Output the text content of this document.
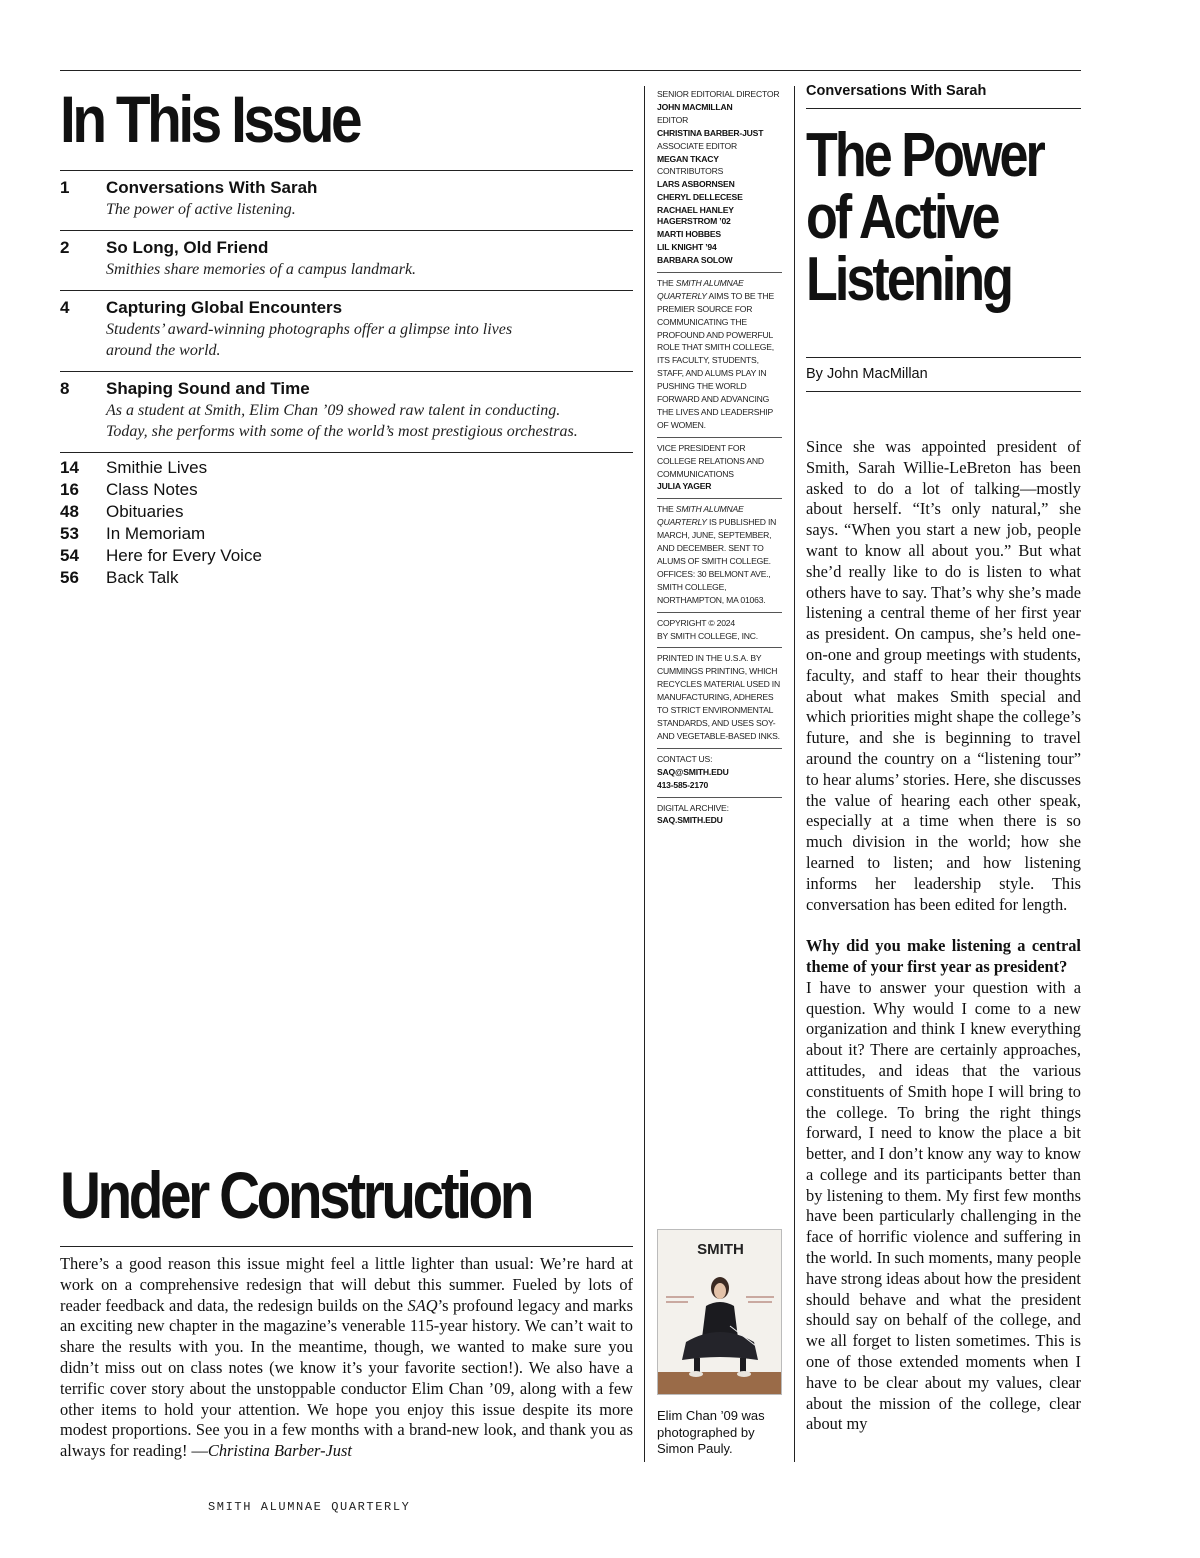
In This Issue
1	Conversations With Sarah
The power of active listening.
2	So Long, Old Friend
Smithies share memories of a campus landmark.
4	Capturing Global Encounters
Students’ award-winning photographs offer a glimpse into lives around the world.
8	Shaping Sound and Time
As a student at Smith, Elim Chan ’09 showed raw talent in conducting. Today, she performs with some of the world’s most prestigious orchestras.
14	Smithie Lives
16	Class Notes
48	Obituaries
53	In Memoriam
54	Here for Every Voice
56	Back Talk
Under Construction

There’s a good reason this issue might feel a little lighter than usual: We’re hard at work on a comprehensive redesign that will debut this summer. Fueled by lots of reader feedback and data, the redesign builds on the SAQ’s profound legacy and marks an exciting new chapter in the magazine’s venerable 115-year history. We can’t wait to share the results with you. In the meantime, though, we wanted to make sure you didn’t miss out on class notes (we know it’s your favorite section!). We also have a terrific cover story about the unstoppable conductor Elim Chan ’09, along with a few other items to hold your attention. We hope you enjoy this issue despite its more modest proportions. See you in a few months with a brand-new look, and thank you as always for reading! —Christina Barber-Just

SMITH ALUMNAE QUARTERLY
SENIOR EDITORIAL DIRECTOR
JOHN MACMILLAN
EDITOR
CHRISTINA BARBER-JUST
ASSOCIATE EDITOR
MEGAN TKACY
CONTRIBUTORS
LARS ASBORNSEN
CHERYL DELLECESE
RACHAEL HANLEY HAGERSTROM ’02
MARTI HOBBES
LIL KNIGHT ’94
BARBARA SOLOW
THE SMITH ALUMNAE QUARTERLY AIMS TO BE THE PREMIER SOURCE FOR COMMUNICATING THE PROFOUND AND POWERFUL ROLE THAT SMITH COLLEGE, ITS FACULTY, STUDENTS, STAFF, AND ALUMS PLAY IN PUSHING THE WORLD FORWARD AND ADVANCING THE LIVES AND LEADERSHIP OF WOMEN.
VICE PRESIDENT FOR COLLEGE RELATIONS AND COMMUNICATIONS
JULIA YAGER
THE SMITH ALUMNAE QUARTERLY IS PUBLISHED IN MARCH, JUNE, SEPTEMBER, AND DECEMBER. SENT TO ALUMS OF SMITH COLLEGE. OFFICES: 30 BELMONT AVE., SMITH COLLEGE, NORTHAMPTON, MA 01063.
COPYRIGHT © 2024
BY SMITH COLLEGE, INC.
PRINTED IN THE U.S.A. BY CUMMINGS PRINTING, WHICH RECYCLES MATERIAL USED IN MANUFACTURING, ADHERES TO STRICT ENVIRONMENTAL STANDARDS, AND USES SOY- AND VEGETABLE-BASED INKS.
CONTACT US:
SAQ@SMITH.EDU
413-585-2170
DIGITAL ARCHIVE:
SAQ.SMITH.EDU
SMITH
Elim Chan ’09 was photographed by Simon Pauly.
Conversations With Sarah
The Power
of Active
Listening
By John MacMillan

Since she was appointed president of Smith, Sarah Willie-LeBreton has been asked to do a lot of talking—mostly about herself. “It’s only natural,” she says. “When you start a new job, people want to know all about you.” But what she’d really like to do is listen to what others have to say. That’s why she’s made listening a central theme of her first year as president. On campus, she’s held one-on-one and group meetings with students, faculty, and staff to hear their thoughts about what makes Smith special and which priorities might shape the college’s future, and she is beginning to travel around the country on a “listening tour” to hear alums’ stories. Here, she discusses the value of hearing each other speak, especially at a time when there is so much division in the world; how she learned to listen; and how listening informs her leadership style. This conversation has been edited for length.

Why did you make listening a central theme of your first year as president?
I have to answer your question with a question. Why would I come to a new organization and think I knew everything about it? There are certainly approaches, attitudes, and ideas that the various constituents of Smith hope I will bring to the college. To bring the right things forward, I need to know the place a bit better, and I don’t know any way to know a college and its participants better than by listening to them. My first few months have been particularly challenging in the face of horrific violence and suffering in the world. In such moments, many people have strong ideas about how the president should behave and what the president should say on behalf of the college, and we all forget to listen sometimes. This is one of those extended moments when I have to be clear about my values, clear about the mission of the college, clear about my
